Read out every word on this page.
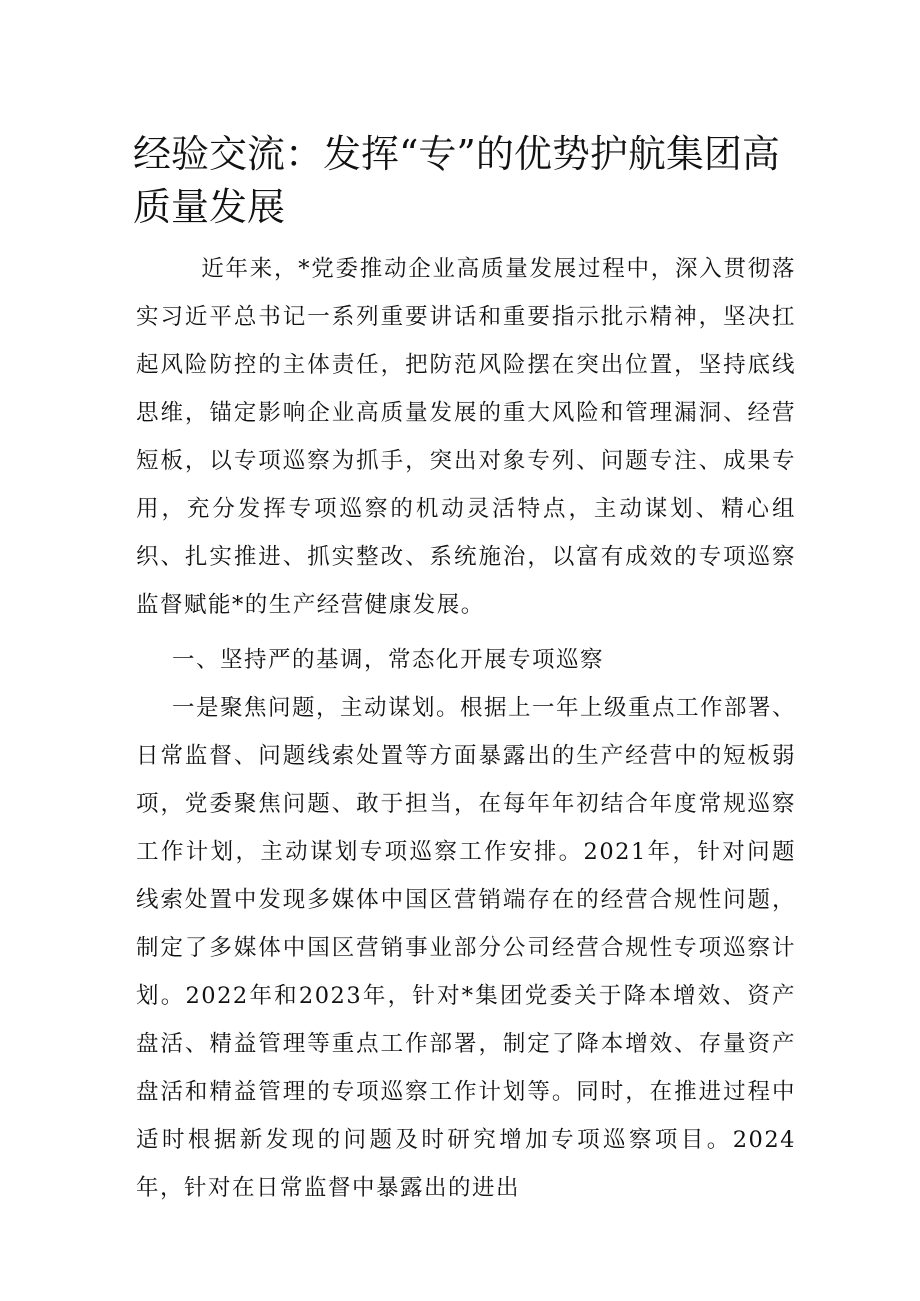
经验交流：发挥“专”的优势护航集团高质量发展

近年来，*党委推动企业高质量发展过程中，深入贯彻落实习近平总书记一系列重要讲话和重要指示批示精神，坚决扛起风险防控的主体责任，把防范风险摆在突出位置，坚持底线思维，锚定影响企业高质量发展的重大风险和管理漏洞、经营短板，以专项巡察为抓手，突出对象专列、问题专注、成果专用，充分发挥专项巡察的机动灵活特点，主动谋划、精心组织、扎实推进、抓实整改、系统施治，以富有成效的专项巡察监督赋能*的生产经营健康发展。

一、坚持严的基调，常态化开展专项巡察

一是聚焦问题，主动谋划。根据上一年上级重点工作部署、日常监督、问题线索处置等方面暴露出的生产经营中的短板弱项，党委聚焦问题、敢于担当，在每年年初结合年度常规巡察工作计划，主动谋划专项巡察工作安排。2021年，针对问题线索处置中发现多媒体中国区营销端存在的经营合规性问题，制定了多媒体中国区营销事业部分公司经营合规性专项巡察计划。2022年和2023年，针对*集团党委关于降本增效、资产盘活、精益管理等重点工作部署，制定了降本增效、存量资产盘活和精益管理的专项巡察工作计划等。同时，在推进过程中适时根据新发现的问题及时研究增加专项巡察项目。2024年，针对在日常监督中暴露出的进出
